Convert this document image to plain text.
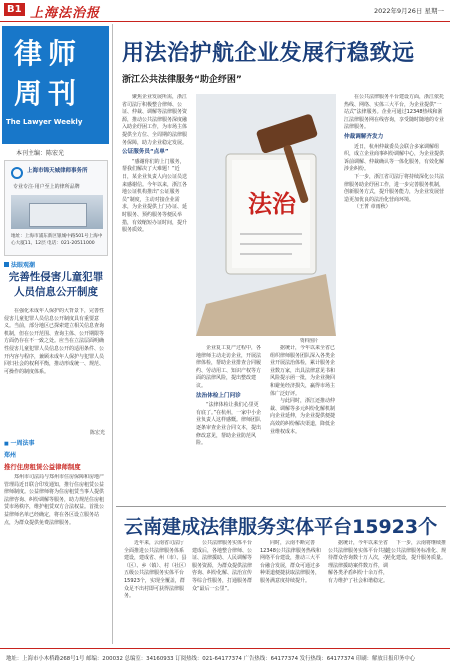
B1 上海法治报	2022年9月26日 星期一
律师
周刊
The Lawyer Weekly
本刊主编：陈宏光
上海市锦天城律师事务所
专业专注·用户至上的律所品牌
地址：上海市浦东新区银城中路501号上海中心大厦11、12层 电话：021-20511000
法眼观潮
完善性侵害儿童犯罪人员信息公开制度
在强化未成年人保护的大背景下，完善性侵害儿童犯罪人员信息公开制度具有重要意义。当前，部分地区已探索建立相关信息查询机制，但在公开范围、查询主体、公开期限等方面仍存在不一致之处。应当在立法层面明确性侵害儿童犯罪人员信息公开的适用条件、公开内容与程序，兼顾未成年人保护与犯罪人员回归社会的权利平衡，推动形成统一、规范、可操作的制度体系。
陈宏光
■ 一周法事
郑州
推行住房租赁公益律师制度
郑州市司法局与郑州市住房保障和房地产管理局近日联合印发通知，推行住房租赁公益律师制度。公益律师将为住房租赁当事人提供法律咨询、纠纷调解等服务，助力规范住房租赁市场秩序，维护租赁双方合法权益。首批公益律师名单已经确定，将在各区设立服务站点，为群众提供免费法律服务。
用法治护航企业发展行稳致远
浙江公共法律服务“助企纾困”

聚焦企业发展所需，浙江省司法厅积极整合律师、公证、仲裁、调解等法律服务资源，推动公共法律服务深度融入助企纾困工作，为市场主体提供全方位、全周期的法律服务保障，助力企业稳定发展。

公证服务员“点单”

“感谢你们的上门服务，帮我们解决了大难题！”近日，某企业负责人向公证员送来感谢信。今年以来，浙江各地公证机构推出“公证服务员”制度，主动对接企业需求，为企业提供上门办证、延时服务、预约服务等便民举措，有效缩短办证时间，提升服务质效。

法治
资料图片

企业复工复产过程中，各地律师主动走访企业，开展法律体检，帮助企业排查合同履约、劳动用工、知识产权等方面的法律风险，提出整改建议。

法治体检上门问诊

“法律体检让我们心里更有底了。”在杭州，一家中小企业负责人这样感慨。律师团队逐条审查企业合同文本，提出修改意见，帮助企业防范风险。

据统计，今年以来全省已组织律师服务团队深入各类企业开展法治体检，累计服务企业数万家，出具法律意见书和风险提示函一批，为企业挽回和避免经济损失，赢得市场主体广泛好评。

与此同时，浙江还推动仲裁、调解等多元纠纷化解机制向企业延伸，为企业提供便捷高效的纠纷解决渠道，降低企业维权成本。

在公共法律服务平台建设方面，浙江依托热线、网络、实体三大平台，为企业提供“一站式”法律服务。企业可通过12348热线和浙江法律服务网在线咨询，享受随时随地的专业法律服务。

仲裁调解齐发力

近日，杭州仲裁委员会联合多家调解组织，成立企业商事纠纷调解中心，为企业提供诉前调解、仲裁确认等一体化服务，有效化解涉企纠纷。

下一步，浙江省司法厅将持续深化公共法律服务助企纾困工作，进一步完善服务机制，创新服务方式，提升服务能力，为企业发展营造更加优良的法治化营商环境。

（王菁 章雨秋）

云南建成法律服务实体平台15923个
近年来，云南省司法厅全面推进公共法律服务体系建设，建成省、州（市）、县（区）、乡（镇）、村（社区）五级公共法律服务实体平台15923个，实现全覆盖，群众足不出村即可获得法律服务。
公共法律服务实体平台建成后，各地整合律师、公证、法律援助、人民调解等服务资源，为群众提供法律咨询、纠纷化解、法治宣传等综合性服务，打通服务群众“最后一公里”。
同时，云南不断完善12348公共法律服务热线和网络平台建设，推动三大平台融合发展，群众可通过多种渠道便捷获取法律服务，服务满意度持续提升。
据统计，今年以来全省公共法律服务实体平台共接待群众咨询数十万人次，办理法律援助案件数万件，调解各类矛盾纠纷十余万件，有力维护了社会和谐稳定。
下一步，云南将继续推进公共法律服务标准化、规范化建设，提升服务质量。
地址：上海市小木桥路268号1号 邮编：200032 总编室：34160933 订阅热线：021-64177374 广告热线：64177374 发行热线：64177374 印刷：解放日报印务中心
